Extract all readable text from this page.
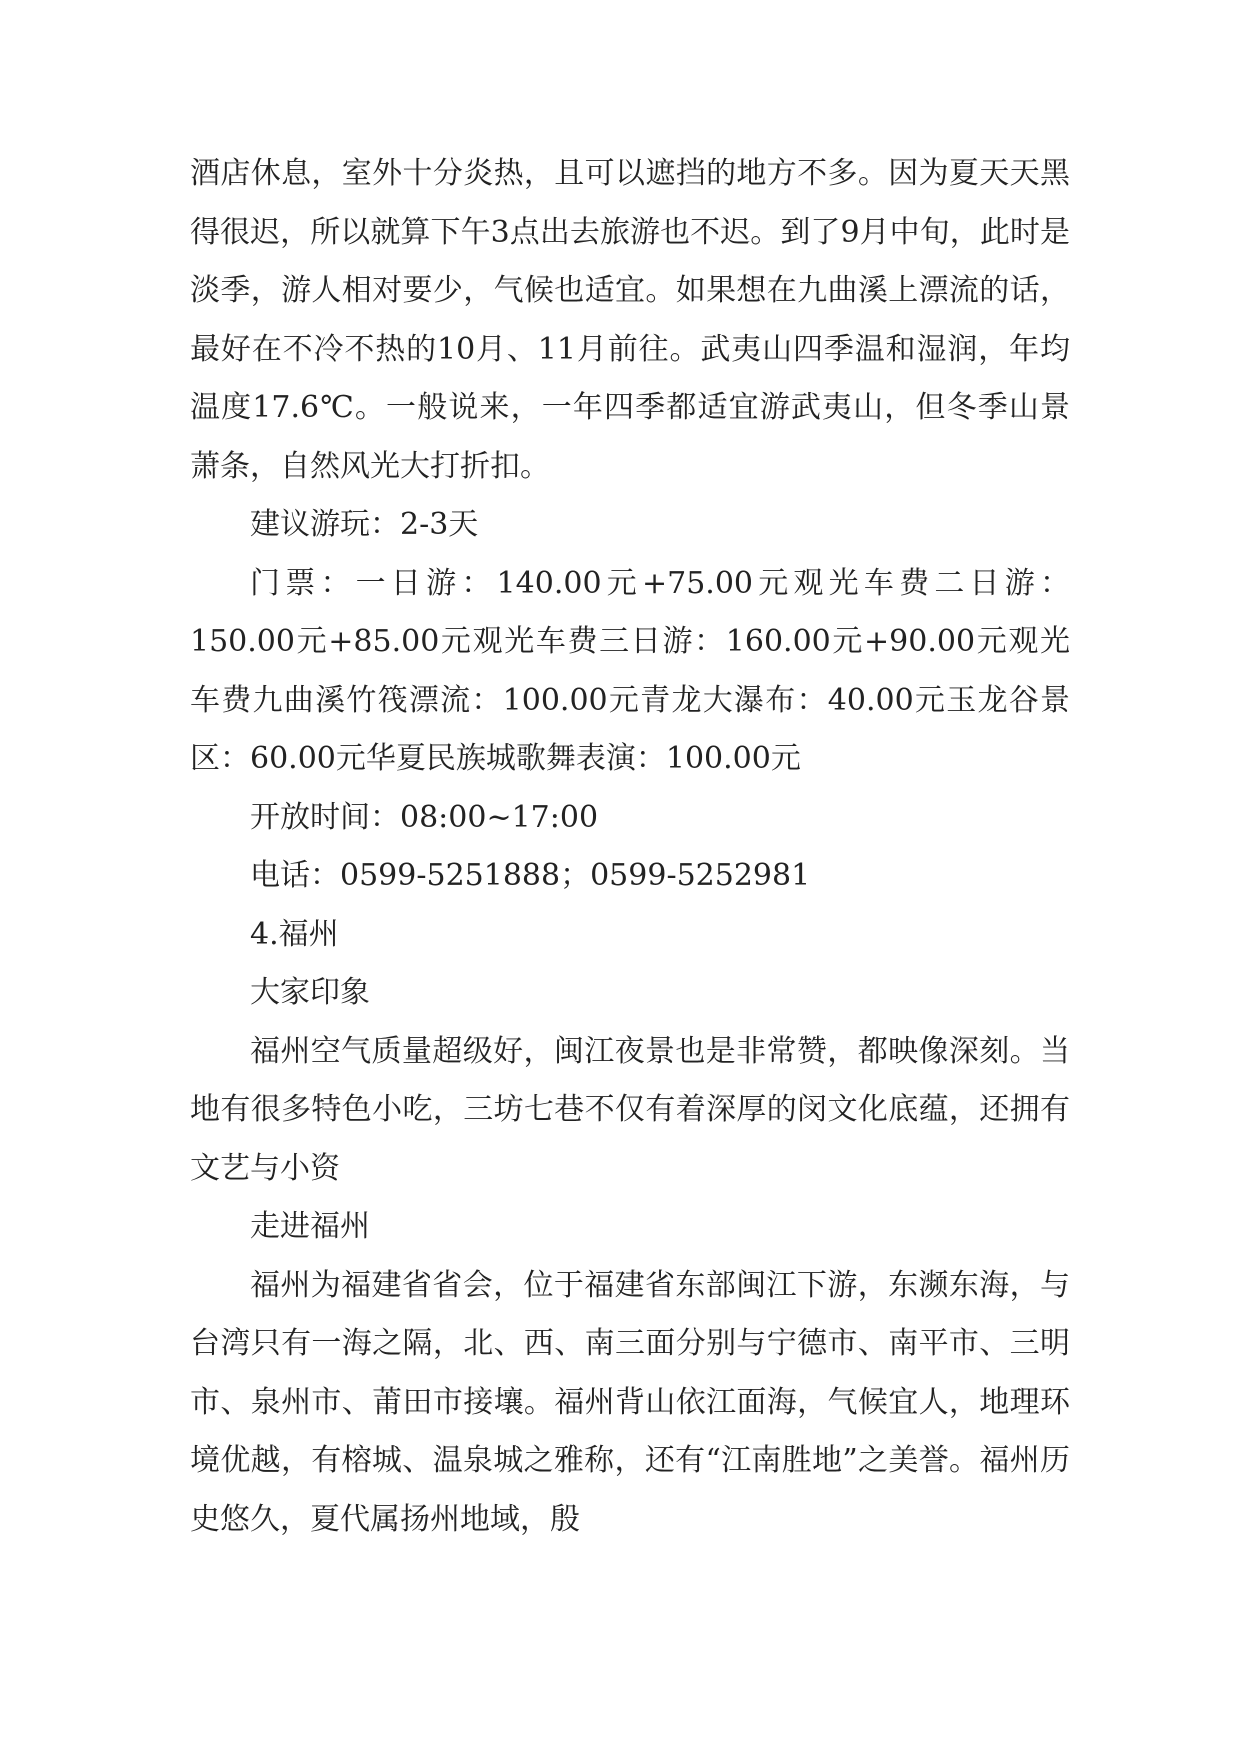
酒店休息，室外十分炎热，且可以遮挡的地方不多。因为夏天天黑得很迟，所以就算下午3点出去旅游也不迟。到了9月中旬，此时是淡季，游人相对要少，气候也适宜。如果想在九曲溪上漂流的话，最好在不冷不热的10月、11月前往。武夷山四季温和湿润，年均温度17.6℃。一般说来，一年四季都适宜游武夷山，但冬季山景萧条，自然风光大打折扣。

建议游玩：2-3天

门票：一日游：140.00元+75.00元观光车费二日游：150.00元+85.00元观光车费三日游：160.00元+90.00元观光车费九曲溪竹筏漂流：100.00元青龙大瀑布：40.00元玉龙谷景区：60.00元华夏民族城歌舞表演：100.00元

开放时间：08:00~17:00

电话：0599-5251888；0599-5252981

4.福州

大家印象

福州空气质量超级好，闽江夜景也是非常赞，都映像深刻。当地有很多特色小吃，三坊七巷不仅有着深厚的闵文化底蕴，还拥有文艺与小资

走进福州

福州为福建省省会，位于福建省东部闽江下游，东濒东海，与台湾只有一海之隔，北、西、南三面分别与宁德市、南平市、三明市、泉州市、莆田市接壤。福州背山依江面海，气候宜人，地理环境优越，有榕城、温泉城之雅称，还有“江南胜地”之美誉。福州历史悠久，夏代属扬州地域，殷
